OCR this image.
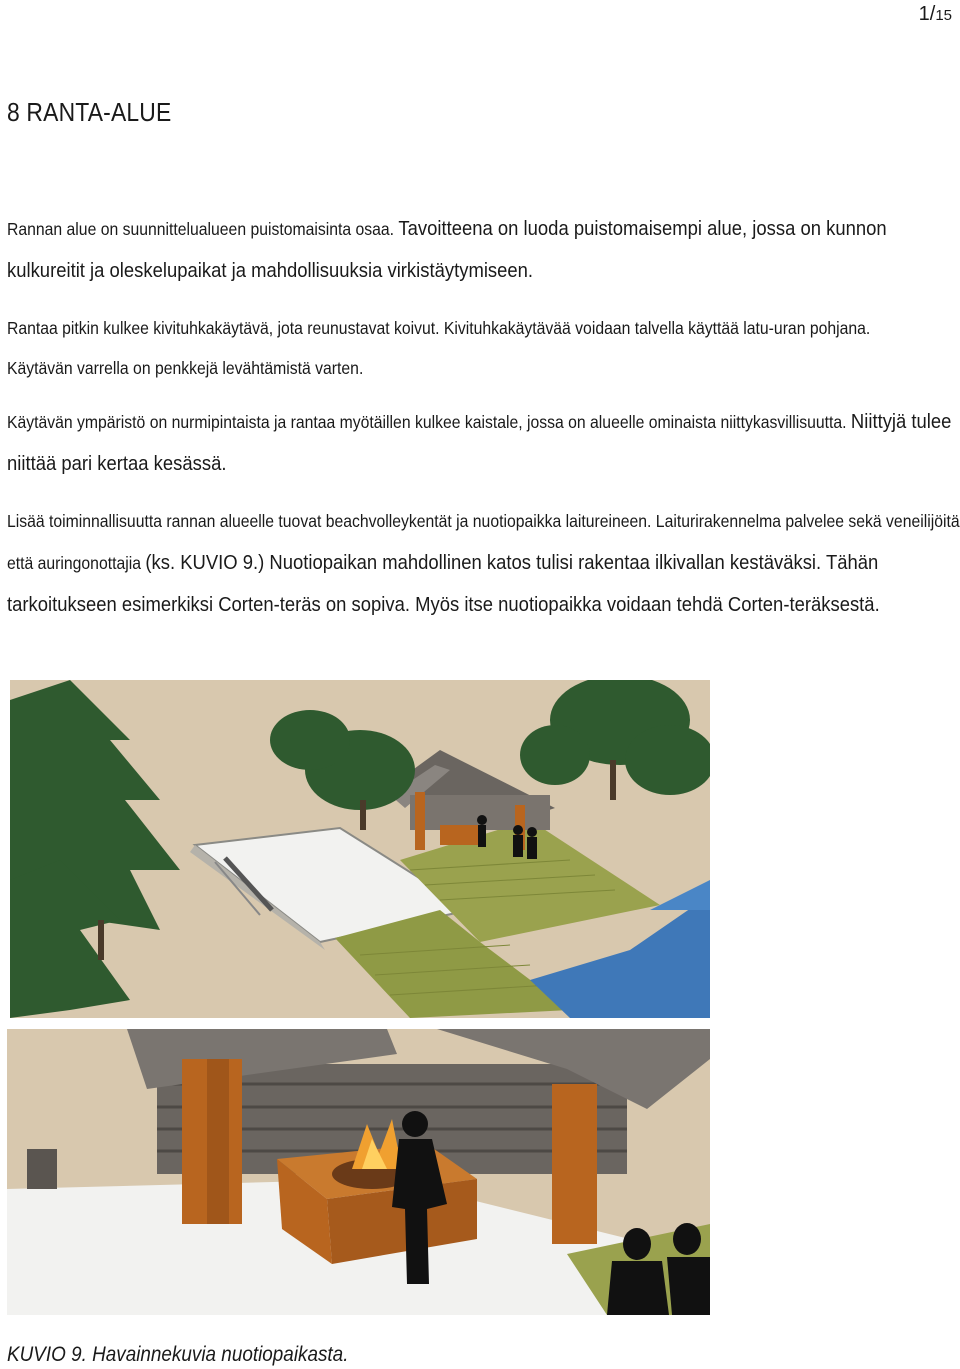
1/15
8 RANTA-ALUE

Rannan alue on suunnittelualueen puistomaisinta osaa. Tavoitteena on luoda puistomaisempi alue, jossa on kunnon kulkureitit ja oleskelupaikat ja mahdollisuuksia virkistäytymiseen.

Rantaa pitkin kulkee kivituhkakäytävä, jota reunustavat koivut. Kivituhkakäytävää voidaan talvella käyttää latu-uran pohjana. Käytävän varrella on penkkejä levähtämistä varten.

Käytävän ympäristö on nurmipintaista ja rantaa myötäillen kulkee kaistale, jossa on alueelle ominaista niittykasvillisuutta. Niittyjä tulee niittää pari kertaa kesässä.

Lisää toiminnallisuutta rannan alueelle tuovat beachvolleykentät ja nuotiopaikka laitureineen. Laiturirakennelma palvelee sekä veneilijöitä että auringonottajia (ks. KUVIO 9.) Nuotiopaikan mahdollinen katos tulisi rakentaa ilkivallan kestäväksi. Tähän tarkoitukseen esimerkiksi Corten-teräs on sopiva. Myös itse nuotiopaikka voidaan tehdä Corten-teräksestä.

KUVIO 9. Havainnekuvia nuotiopaikasta.
